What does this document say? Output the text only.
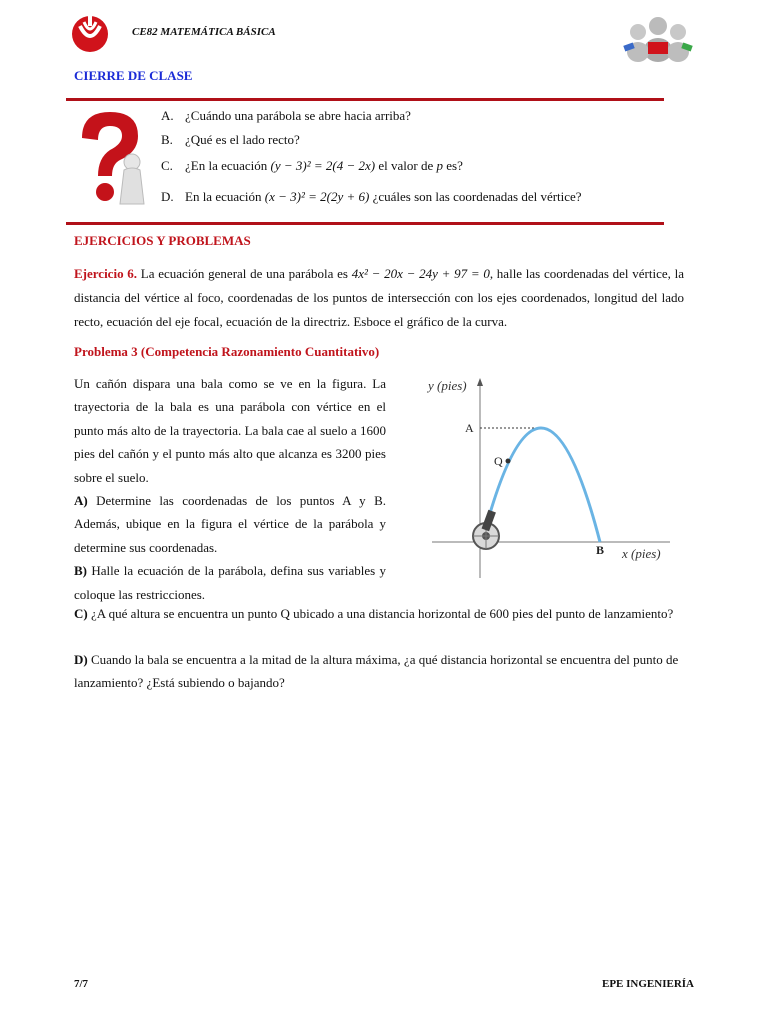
CE82 MATEMÁTICA BÁSICA
CIERRE DE CLASE
A. ¿Cuándo una parábola se abre hacia arriba?
B. ¿Qué es el lado recto?
C. ¿En la ecuación (y − 3)² = 2(4 − 2x) el valor de p es?
D. En la ecuación (x − 3)² = 2(2y + 6) ¿cuáles son las coordenadas del vértice?
EJERCICIOS Y PROBLEMAS
Ejercicio 6. La ecuación general de una parábola es 4x² − 20x − 24y + 97 = 0, halle las coordenadas del vértice, la distancia del vértice al foco, coordenadas de los puntos de intersección con los ejes coordenados, longitud del lado recto, ecuación del eje focal, ecuación de la directriz. Esboce el gráfico de la curva.
Problema 3 (Competencia Razonamiento Cuantitativo)
Un cañón dispara una bala como se ve en la figura. La trayectoria de la bala es una parábola con vértice en el punto más alto de la trayectoria. La bala cae al suelo a 1600 pies del cañón y el punto más alto que alcanza es 3200 pies sobre el suelo.
A) Determine las coordenadas de los puntos A y B. Además, ubique en la figura el vértice de la parábola y determine sus coordenadas.
B) Halle la ecuación de la parábola, defina sus variables y coloque las restricciones.
C) ¿A qué altura se encuentra un punto Q ubicado a una distancia horizontal de 600 pies del punto de lanzamiento?
D) Cuando la bala se encuentra a la mitad de la altura máxima, ¿a qué distancia horizontal se encuentra del punto de lanzamiento? ¿Está subiendo o bajando?
y (pies)
x (pies)
A
Q
B
7/7	EPE INGENIERÍA
